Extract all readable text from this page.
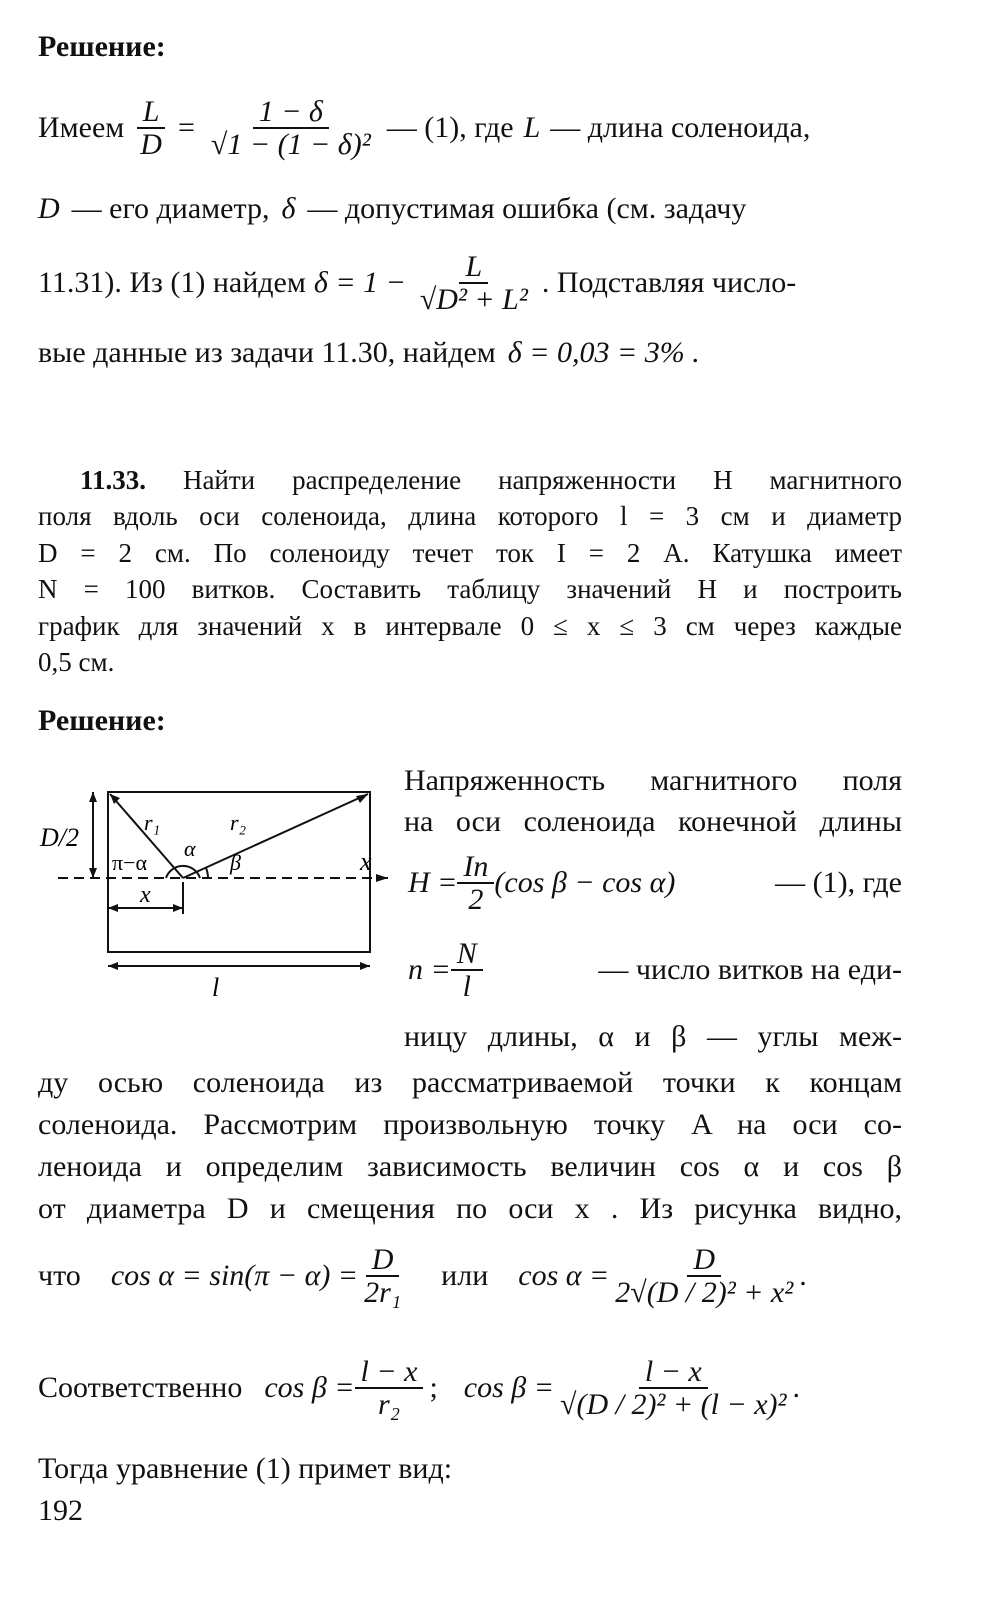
Решение:
Имеем $\frac{L}{D} = \frac{1 - \delta}{\text{√1 − (1 − δ)²}}$ — (1), где L — длина соленоида,
D — его диаметр, δ — допустимая ошибка (см. задачу
11.31). Из (1) найдем $\delta = 1 - \frac{L}{\text{√D² + L²}}$ . Подставляя число-
вые данные из задачи 11.30, найдем δ = 0,03 = 3% .
11.33. Найти распределение напряженности H магнитного
поля вдоль оси соленоида, длина которого l = 3 см и диаметр
D = 2 см. По соленоиду течет ток I = 2 А. Катушка имеет
N = 100 витков. Составить таблицу значений H и построить
график для значений x в интервале 0 ≤ x ≤ 3 см через каждые
0,5 см.
Решение:
D/2
r₁	r₂
α
π−α	β	x
x
l
Напряженность магнитного поля
на оси соленоида конечной длины
$H = \frac{In}{2} (\cos$ β − cos α)	— (1), где
$n = \frac{N}{l}$	— число витков на еди-
ницу длины, α и β — углы меж-
ду осью соленоида из рассматриваемой точки к концам
соленоида. Рассмотрим произвольную точку A на оси со-
леноида и определим зависимость величин cos α и cos β
от диаметра D и смещения по оси x . Из рисунка видно,
что $\cos \alpha = \sin(\pi - \alpha) = \frac{D}{\text{2r₁}}$ или $\cos \alpha = \frac{D}{\text{2√(D / 2)² + x²}}$ .
Соответственно $\cos \beta = \frac{l - x}{\text{r₂}}$ ; $\cos \beta = \frac{l - x}{\text{√(D / 2)² + (l − x)²}}$ .
Тогда уравнение (1) примет вид:
192
